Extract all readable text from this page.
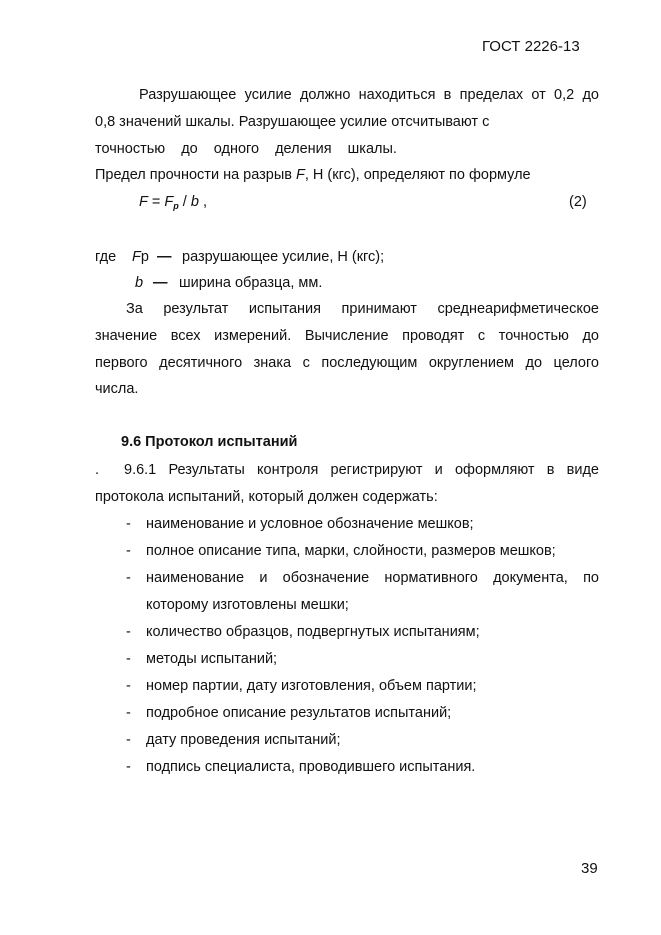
ГОСТ 2226-13
Разрушающее усилие должно находиться в пределах от 0,2 до
0,8 значений шкалы. Разрушающее усилие отсчитывают с
точностью до одного деления шкалы.
Предел прочности на разрыв F, Н (кгс), определяют по формуле
$F = F_р / b$ ,	(2)
где Fр — разрушающее усилие, Н (кгс);
b — ширина образца, мм.
За результат испытания принимают среднеарифметическое
значение всех измерений. Вычисление проводят с точностью до
первого десятичного знака с последующим округлением до целого
числа.
9.6 Протокол испытаний
. 9.6.1 Результаты контроля регистрируют и оформляют в виде
протокола испытаний, который должен содержать:
- наименование и условное обозначение мешков;
- полное описание типа, марки, слойности, размеров мешков;
- наименование и обозначение нормативного документа, по
которому изготовлены мешки;
- количество образцов, подвергнутых испытаниям;
- методы испытаний;
- номер партии, дату изготовления, объем партии;
- подробное описание результатов испытаний;
- дату проведения испытаний;
- подпись специалиста, проводившего испытания.
39
